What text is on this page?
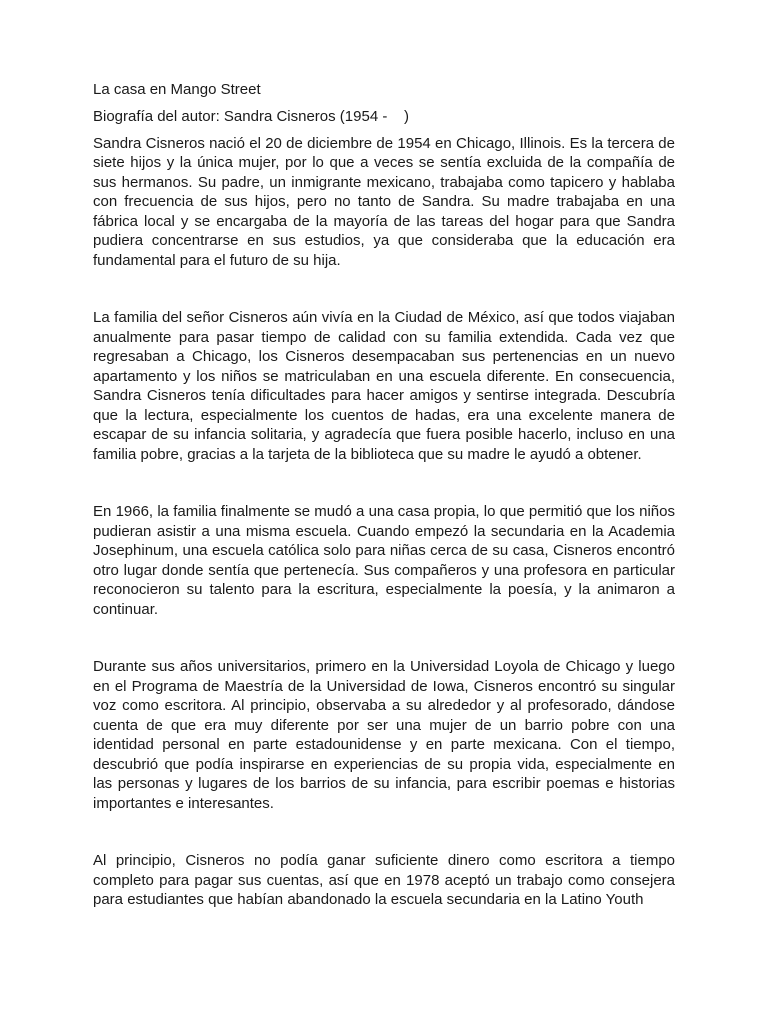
La casa en Mango Street

Biografía del autor: Sandra Cisneros (1954 -    )

Sandra Cisneros nació el 20 de diciembre de 1954 en Chicago, Illinois. Es la tercera de siete hijos y la única mujer, por lo que a veces se sentía excluida de la compañía de sus hermanos. Su padre, un inmigrante mexicano, trabajaba como tapicero y hablaba con frecuencia de sus hijos, pero no tanto de Sandra. Su madre trabajaba en una fábrica local y se encargaba de la mayoría de las tareas del hogar para que Sandra pudiera concentrarse en sus estudios, ya que consideraba que la educación era fundamental para el futuro de su hija.

La familia del señor Cisneros aún vivía en la Ciudad de México, así que todos viajaban anualmente para pasar tiempo de calidad con su familia extendida. Cada vez que regresaban a Chicago, los Cisneros desempacaban sus pertenencias en un nuevo apartamento y los niños se matriculaban en una escuela diferente. En consecuencia, Sandra Cisneros tenía dificultades para hacer amigos y sentirse integrada. Descubría que la lectura, especialmente los cuentos de hadas, era una excelente manera de escapar de su infancia solitaria, y agradecía que fuera posible hacerlo, incluso en una familia pobre, gracias a la tarjeta de la biblioteca que su madre le ayudó a obtener.

En 1966, la familia finalmente se mudó a una casa propia, lo que permitió que los niños pudieran asistir a una misma escuela. Cuando empezó la secundaria en la Academia Josephinum, una escuela católica solo para niñas cerca de su casa, Cisneros encontró otro lugar donde sentía que pertenecía. Sus compañeros y una profesora en particular reconocieron su talento para la escritura, especialmente la poesía, y la animaron a continuar.

Durante sus años universitarios, primero en la Universidad Loyola de Chicago y luego en el Programa de Maestría de la Universidad de Iowa, Cisneros encontró su singular voz como escritora. Al principio, observaba a su alrededor y al profesorado, dándose cuenta de que era muy diferente por ser una mujer de un barrio pobre con una identidad personal en parte estadounidense y en parte mexicana. Con el tiempo, descubrió que podía inspirarse en experiencias de su propia vida, especialmente en las personas y lugares de los barrios de su infancia, para escribir poemas e historias importantes e interesantes.

Al principio, Cisneros no podía ganar suficiente dinero como escritora a tiempo completo para pagar sus cuentas, así que en 1978 aceptó un trabajo como consejera para estudiantes que habían abandonado la escuela secundaria en la Latino Youth
